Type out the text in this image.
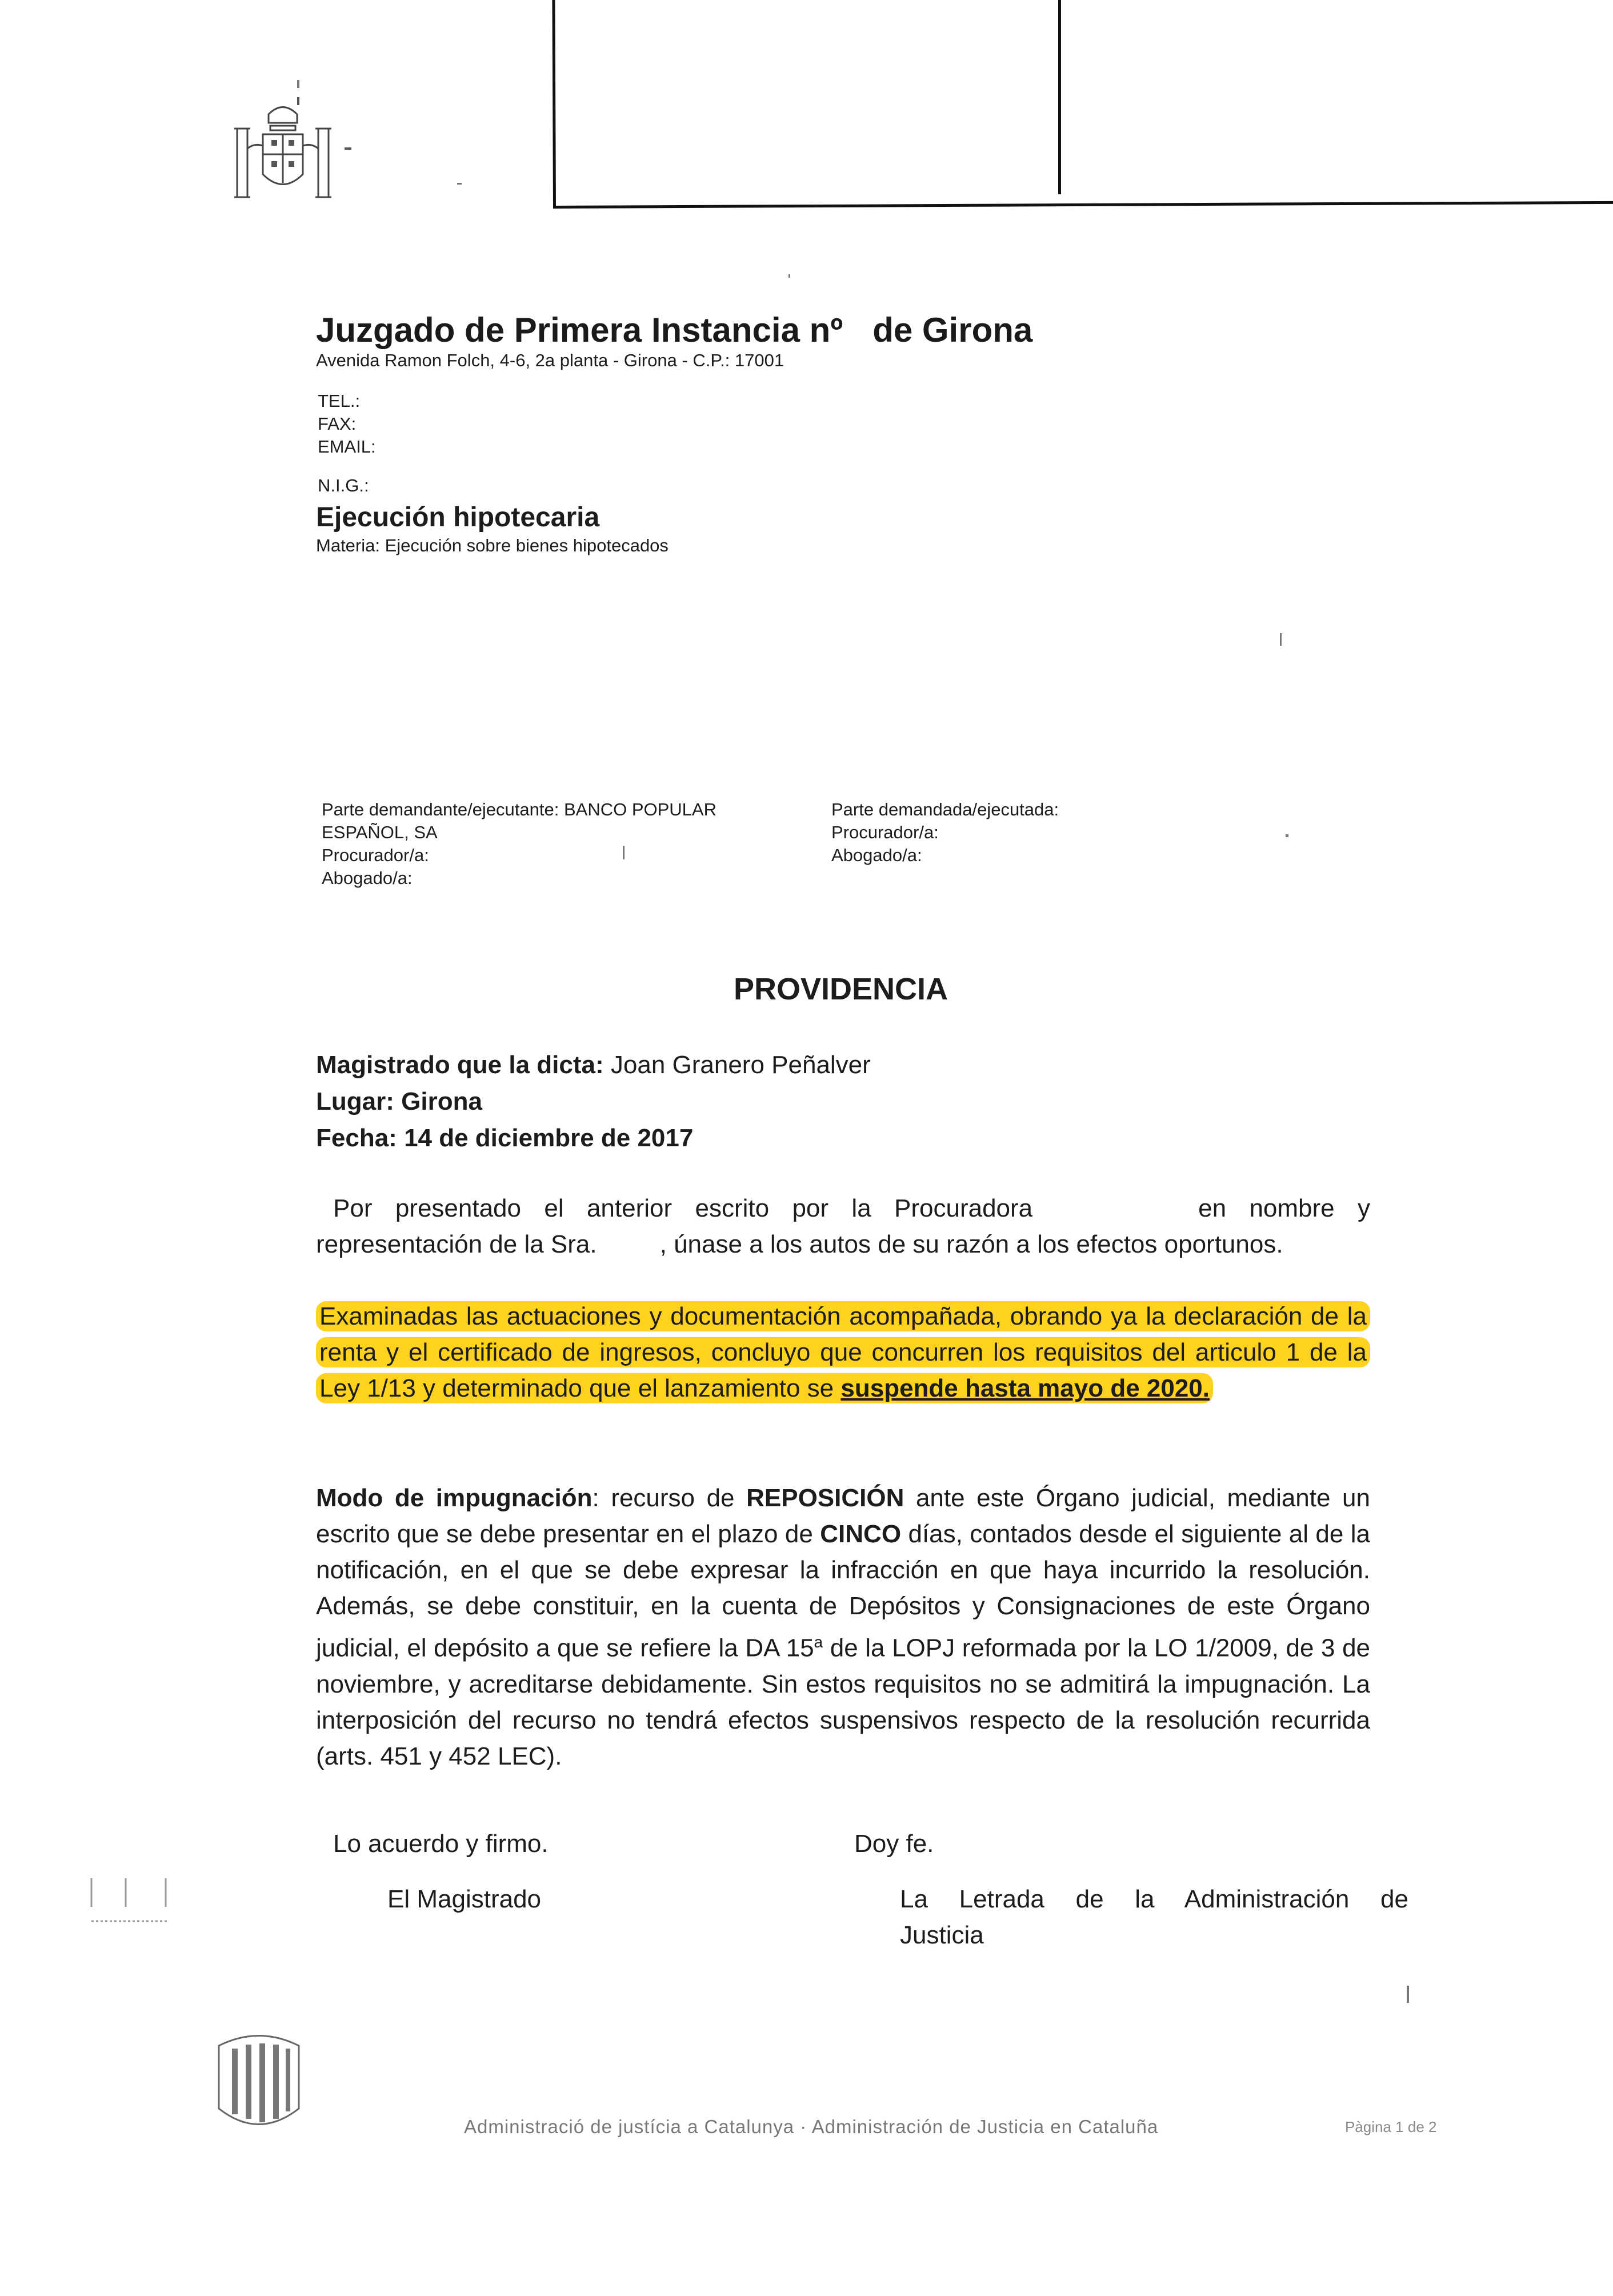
Juzgado de Primera Instancia nº de Girona
Avenida Ramon Folch, 4-6, 2a planta - Girona - C.P.: 17001
TEL.:
FAX:
EMAIL:
N.I.G.:
Ejecución hipotecaria
Materia: Ejecución sobre bienes hipotecados
Parte demandante/ejecutante: BANCO POPULAR
ESPAÑOL, SA
Procurador/a:
Abogado/a:
Parte demandada/ejecutada:
Procurador/a:
Abogado/a:
PROVIDENCIA
Magistrado que la dicta: Joan Granero Peñalver
Lugar: Girona
Fecha: 14 de diciembre de 2017
Por presentado el anterior escrito por la Procuradora	en nombre y representación de la Sra.	, únase a los autos de su razón a los efectos oportunos.
Examinadas las actuaciones y documentación acompañada, obrando ya la declaración de la renta y el certificado de ingresos, concluyo que concurren los requisitos del articulo 1 de la Ley 1/13 y determinado que el lanzamiento se suspende hasta mayo de 2020.
Modo de impugnación: recurso de REPOSICIÓN ante este Órgano judicial, mediante un escrito que se debe presentar en el plazo de CINCO días, contados desde el siguiente al de la notificación, en el que se debe expresar la infracción en que haya incurrido la resolución. Además, se debe constituir, en la cuenta de Depósitos y Consignaciones de este Órgano judicial, el depósito a que se refiere la DA 15$^a$ de la LOPJ reformada por la LO 1/2009, de 3 de noviembre, y acreditarse debidamente. Sin estos requisitos no se admitirá la impugnación. La interposición del recurso no tendrá efectos suspensivos respecto de la resolución recurrida (arts. 451 y 452 LEC).
Lo acuerdo y firmo.
El Magistrado
Doy fe.
La Letrada de la Administración de
Justicia
Administració de justícia a Catalunya · Administración de Justicia en Cataluña	Pàgina 1 de 2
